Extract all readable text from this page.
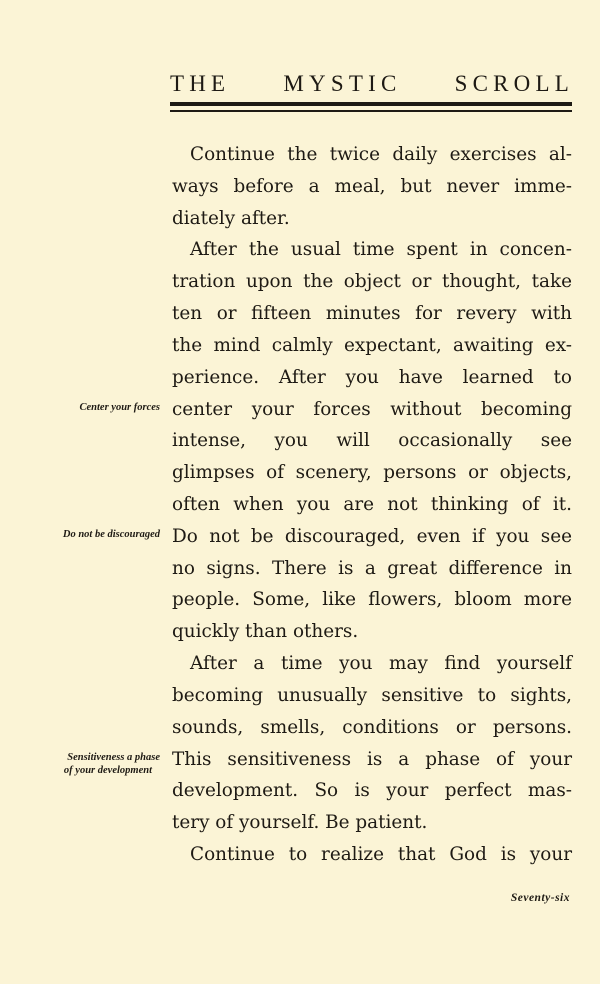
THE MYSTIC SCROLL
Continue the twice daily exercises al-
ways before a meal, but never imme-
diately after.
After the usual time spent in concen-
tration upon the object or thought, take
ten or fifteen minutes for revery with
the mind calmly expectant, awaiting ex-
perience. After you have learned to
center your forces without becoming
intense, you will occasionally see
glimpses of scenery, persons or objects,
often when you are not thinking of it.
Do not be discouraged, even if you see
no signs. There is a great difference in
people. Some, like flowers, bloom more
quickly than others.
After a time you may find yourself
becoming unusually sensitive to sights,
sounds, smells, conditions or persons.
This sensitiveness is a phase of your
development. So is your perfect mas-
tery of yourself. Be patient.
Continue to realize that God is your
Center your forces
Do not be discouraged
Sensitiveness a phase
of your development
Seventy-six
